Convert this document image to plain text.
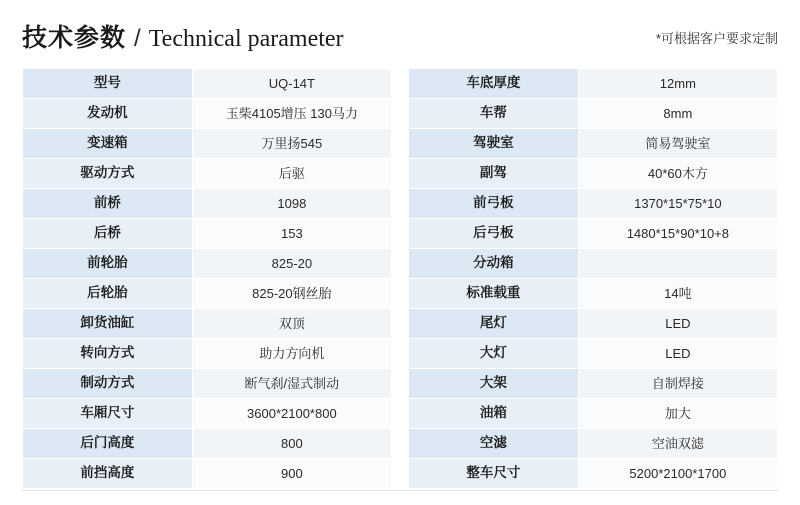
技术参数 / Technical parameter	*可根据客户要求定制
型号	UQ-14T
发动机	玉柴4105增压 130马力
变速箱	万里扬545
驱动方式	后驱
前桥	1098
后桥	153
前轮胎	825-20
后轮胎	825-20钢丝胎
卸货油缸	双顶
转向方式	助力方向机
制动方式	断气刹/湿式制动
车厢尺寸	3600*2100*800
后门高度	800
前挡高度	900
车底厚度	12mm
车帮	8mm
驾驶室	简易驾驶室
副驾	40*60木方
前弓板	1370*15*75*10
后弓板	1480*15*90*10+8
分动箱	
标准载重	14吨
尾灯	LED
大灯	LED
大架	自制焊接
油箱	加大
空滤	空油双滤
整车尺寸	5200*2100*1700
